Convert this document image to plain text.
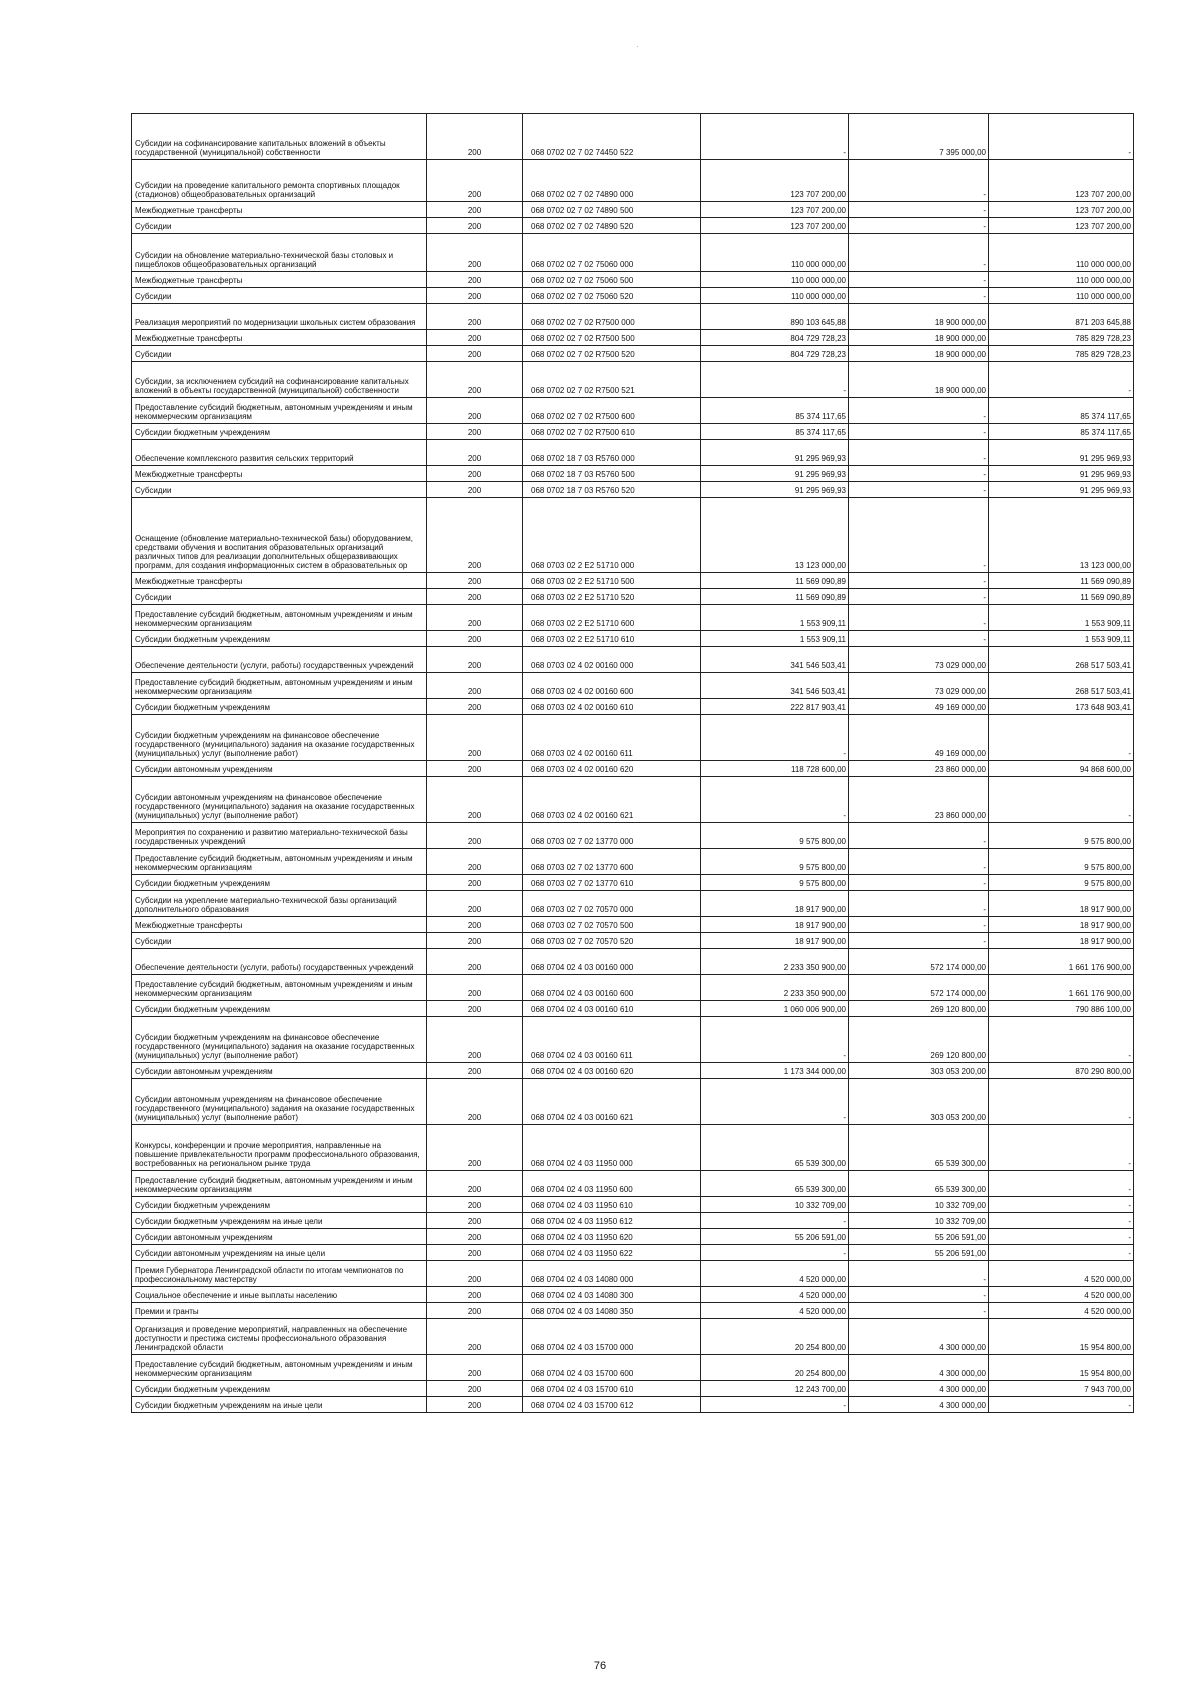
·
Субсидии на софинансирование капитальных вложений в объекты государственной (муниципальной) собственности	200	068 0702 02 7 02 74450 522	-	7 395 000,00	-
Субсидии на проведение капитального ремонта спортивных площадок (стадионов) общеобразовательных организаций	200	068 0702 02 7 02 74890 000	123 707 200,00	-	123 707 200,00
Межбюджетные трансферты	200	068 0702 02 7 02 74890 500	123 707 200,00	-	123 707 200,00
Субсидии	200	068 0702 02 7 02 74890 520	123 707 200,00	-	123 707 200,00
Субсидии на обновление материально-технической базы столовых и пищеблоков общеобразовательных организаций	200	068 0702 02 7 02 75060 000	110 000 000,00	-	110 000 000,00
Межбюджетные трансферты	200	068 0702 02 7 02 75060 500	110 000 000,00	-	110 000 000,00
Субсидии	200	068 0702 02 7 02 75060 520	110 000 000,00	-	110 000 000,00
Реализация мероприятий по модернизации школьных систем образования	200	068 0702 02 7 02 R7500 000	890 103 645,88	18 900 000,00	871 203 645,88
Межбюджетные трансферты	200	068 0702 02 7 02 R7500 500	804 729 728,23	18 900 000,00	785 829 728,23
Субсидии	200	068 0702 02 7 02 R7500 520	804 729 728,23	18 900 000,00	785 829 728,23
Субсидии, за исключением субсидий на софинансирование капитальных вложений в объекты государственной (муниципальной) собственности	200	068 0702 02 7 02 R7500 521	-	18 900 000,00	-
Предоставление субсидий бюджетным, автономным учреждениям и иным некоммерческим организациям	200	068 0702 02 7 02 R7500 600	85 374 117,65	-	85 374 117,65
Субсидии бюджетным учреждениям	200	068 0702 02 7 02 R7500 610	85 374 117,65	-	85 374 117,65
Обеспечение комплексного развития сельских территорий	200	068 0702 18 7 03 R5760 000	91 295 969,93	-	91 295 969,93
Межбюджетные трансферты	200	068 0702 18 7 03 R5760 500	91 295 969,93	-	91 295 969,93
Субсидии	200	068 0702 18 7 03 R5760 520	91 295 969,93	-	91 295 969,93
Оснащение (обновление материально-технической базы) оборудованием, средствами обучения и воспитания образовательных организаций различных типов для реализации дополнительных общеразвивающих программ, для создания информационных систем в образовательных ор	200	068 0703 02 2 E2 51710 000	13 123 000,00	-	13 123 000,00
Межбюджетные трансферты	200	068 0703 02 2 E2 51710 500	11 569 090,89	-	11 569 090,89
Субсидии	200	068 0703 02 2 E2 51710 520	11 569 090,89	-	11 569 090,89
Предоставление субсидий бюджетным, автономным учреждениям и иным некоммерческим организациям	200	068 0703 02 2 E2 51710 600	1 553 909,11	-	1 553 909,11
Субсидии бюджетным учреждениям	200	068 0703 02 2 E2 51710 610	1 553 909,11	-	1 553 909,11
Обеспечение деятельности (услуги, работы) государственных учреждений	200	068 0703 02 4 02 00160 000	341 546 503,41	73 029 000,00	268 517 503,41
Предоставление субсидий бюджетным, автономным учреждениям и иным некоммерческим организациям	200	068 0703 02 4 02 00160 600	341 546 503,41	73 029 000,00	268 517 503,41
Субсидии бюджетным учреждениям	200	068 0703 02 4 02 00160 610	222 817 903,41	49 169 000,00	173 648 903,41
Субсидии бюджетным учреждениям на финансовое обеспечение государственного (муниципального) задания на оказание государственных (муниципальных) услуг (выполнение работ)	200	068 0703 02 4 02 00160 611	-	49 169 000,00	-
Субсидии автономным учреждениям	200	068 0703 02 4 02 00160 620	118 728 600,00	23 860 000,00	94 868 600,00
Субсидии автономным учреждениям на финансовое обеспечение государственного (муниципального) задания на оказание государственных (муниципальных) услуг (выполнение работ)	200	068 0703 02 4 02 00160 621	-	23 860 000,00	-
Мероприятия по сохранению и развитию материально-технической базы государственных учреждений	200	068 0703 02 7 02 13770 000	9 575 800,00	-	9 575 800,00
Предоставление субсидий бюджетным, автономным учреждениям и иным некоммерческим организациям	200	068 0703 02 7 02 13770 600	9 575 800,00	-	9 575 800,00
Субсидии бюджетным учреждениям	200	068 0703 02 7 02 13770 610	9 575 800,00	-	9 575 800,00
Субсидии на укрепление материально-технической базы организаций дополнительного образования	200	068 0703 02 7 02 70570 000	18 917 900,00	-	18 917 900,00
Межбюджетные трансферты	200	068 0703 02 7 02 70570 500	18 917 900,00	-	18 917 900,00
Субсидии	200	068 0703 02 7 02 70570 520	18 917 900,00	-	18 917 900,00
Обеспечение деятельности (услуги, работы) государственных учреждений	200	068 0704 02 4 03 00160 000	2 233 350 900,00	572 174 000,00	1 661 176 900,00
Предоставление субсидий бюджетным, автономным учреждениям и иным некоммерческим организациям	200	068 0704 02 4 03 00160 600	2 233 350 900,00	572 174 000,00	1 661 176 900,00
Субсидии бюджетным учреждениям	200	068 0704 02 4 03 00160 610	1 060 006 900,00	269 120 800,00	790 886 100,00
Субсидии бюджетным учреждениям на финансовое обеспечение государственного (муниципального) задания на оказание государственных (муниципальных) услуг (выполнение работ)	200	068 0704 02 4 03 00160 611	-	269 120 800,00	-
Субсидии автономным учреждениям	200	068 0704 02 4 03 00160 620	1 173 344 000,00	303 053 200,00	870 290 800,00
Субсидии автономным учреждениям на финансовое обеспечение государственного (муниципального) задания на оказание государственных (муниципальных) услуг (выполнение работ)	200	068 0704 02 4 03 00160 621	-	303 053 200,00	-
Конкурсы, конференции и прочие мероприятия, направленные на повышение привлекательности программ профессионального образования, востребованных на региональном рынке труда	200	068 0704 02 4 03 11950 000	65 539 300,00	65 539 300,00	-
Предоставление субсидий бюджетным, автономным учреждениям и иным некоммерческим организациям	200	068 0704 02 4 03 11950 600	65 539 300,00	65 539 300,00	-
Субсидии бюджетным учреждениям	200	068 0704 02 4 03 11950 610	10 332 709,00	10 332 709,00	-
Субсидии бюджетным учреждениям на иные цели	200	068 0704 02 4 03 11950 612	-	10 332 709,00	-
Субсидии автономным учреждениям	200	068 0704 02 4 03 11950 620	55 206 591,00	55 206 591,00	-
Субсидии автономным учреждениям на иные цели	200	068 0704 02 4 03 11950 622	-	55 206 591,00	-
Премия Губернатора Ленинградской области по итогам чемпионатов по профессиональному мастерству	200	068 0704 02 4 03 14080 000	4 520 000,00	-	4 520 000,00
Социальное обеспечение и иные выплаты населению	200	068 0704 02 4 03 14080 300	4 520 000,00	-	4 520 000,00
Премии и гранты	200	068 0704 02 4 03 14080 350	4 520 000,00	-	4 520 000,00
Организация и проведение мероприятий, направленных на обеспечение доступности и престижа системы профессионального образования Ленинградской области	200	068 0704 02 4 03 15700 000	20 254 800,00	4 300 000,00	15 954 800,00
Предоставление субсидий бюджетным, автономным учреждениям и иным некоммерческим организациям	200	068 0704 02 4 03 15700 600	20 254 800,00	4 300 000,00	15 954 800,00
Субсидии бюджетным учреждениям	200	068 0704 02 4 03 15700 610	12 243 700,00	4 300 000,00	7 943 700,00
Субсидии бюджетным учреждениям на иные цели	200	068 0704 02 4 03 15700 612	-	4 300 000,00	-
76
